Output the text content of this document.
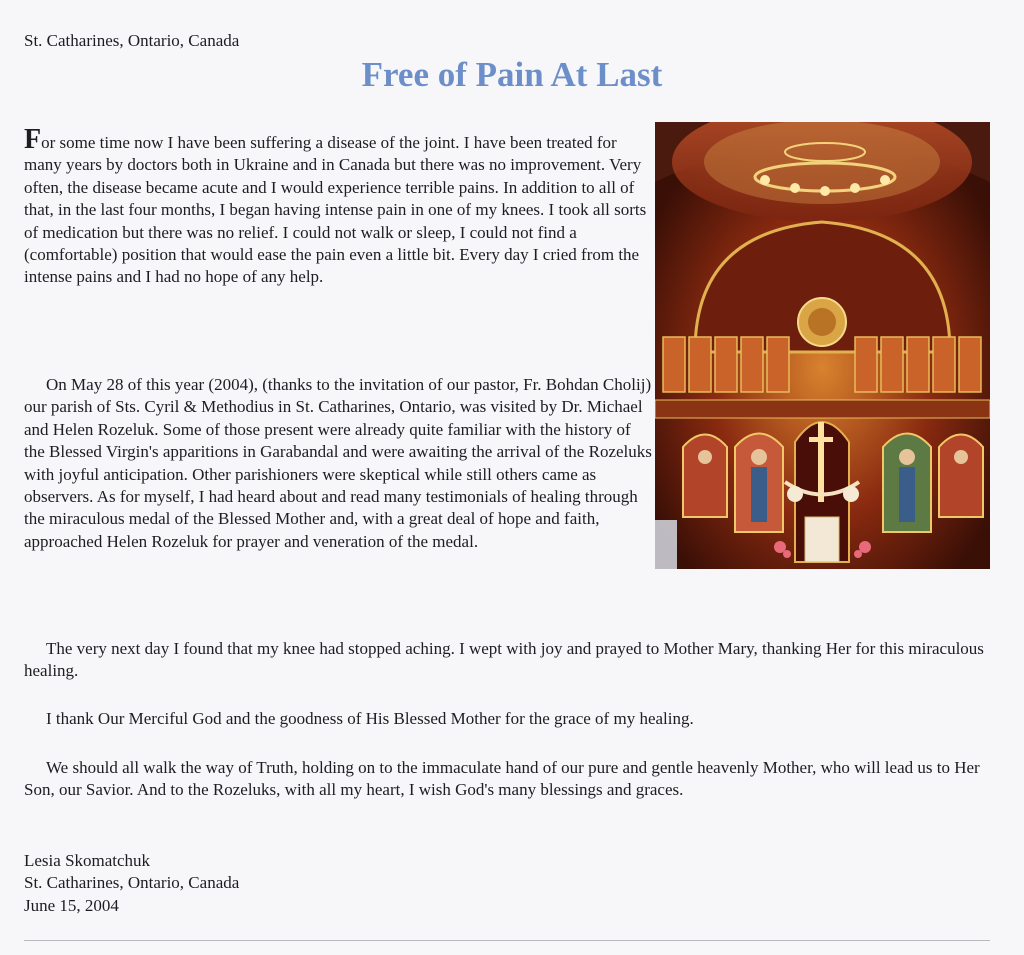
St. Catharines, Ontario, Canada
Free of Pain At Last

For some time now I have been suffering a disease of the joint. I have been treated for many years by doctors both in Ukraine and in Canada but there was no improvement. Very often, the disease became acute and I would experience terrible pains. In addition to all of that, in the last four months, I began having intense pain in one of my knees. I took all sorts of medication but there was no relief. I could not walk or sleep, I could not find a (comfortable) position that would ease the pain even a little bit. Every day I cried from the intense pains and I had no hope of any help.

On May 28 of this year (2004), (thanks to the invitation of our pastor, Fr. Bohdan Cholij) our parish of Sts. Cyril & Methodius in St. Catharines, Ontario, was visited by Dr. Michael and Helen Rozeluk. Some of those present were already quite familiar with the history of the Blessed Virgin's apparitions in Garabandal and were awaiting the arrival of the Rozeluks with joyful anticipation. Other parishioners were skeptical while still others came as observers. As for myself, I had heard about and read many testimonials of healing through the miraculous medal of the Blessed Mother and, with a great deal of hope and faith, approached Helen Rozeluk for prayer and veneration of the medal.

The very next day I found that my knee had stopped aching. I wept with joy and prayed to Mother Mary, thanking Her for this miraculous healing.

I thank Our Merciful God and the goodness of His Blessed Mother for the grace of my healing.

We should all walk the way of Truth, holding on to the immaculate hand of our pure and gentle heavenly Mother, who will lead us to Her Son, our Savior. And to the Rozeluks, with all my heart, I wish God's many blessings and graces.

Lesia Skomatchuk
St. Catharines, Ontario, Canada
June 15, 2004
